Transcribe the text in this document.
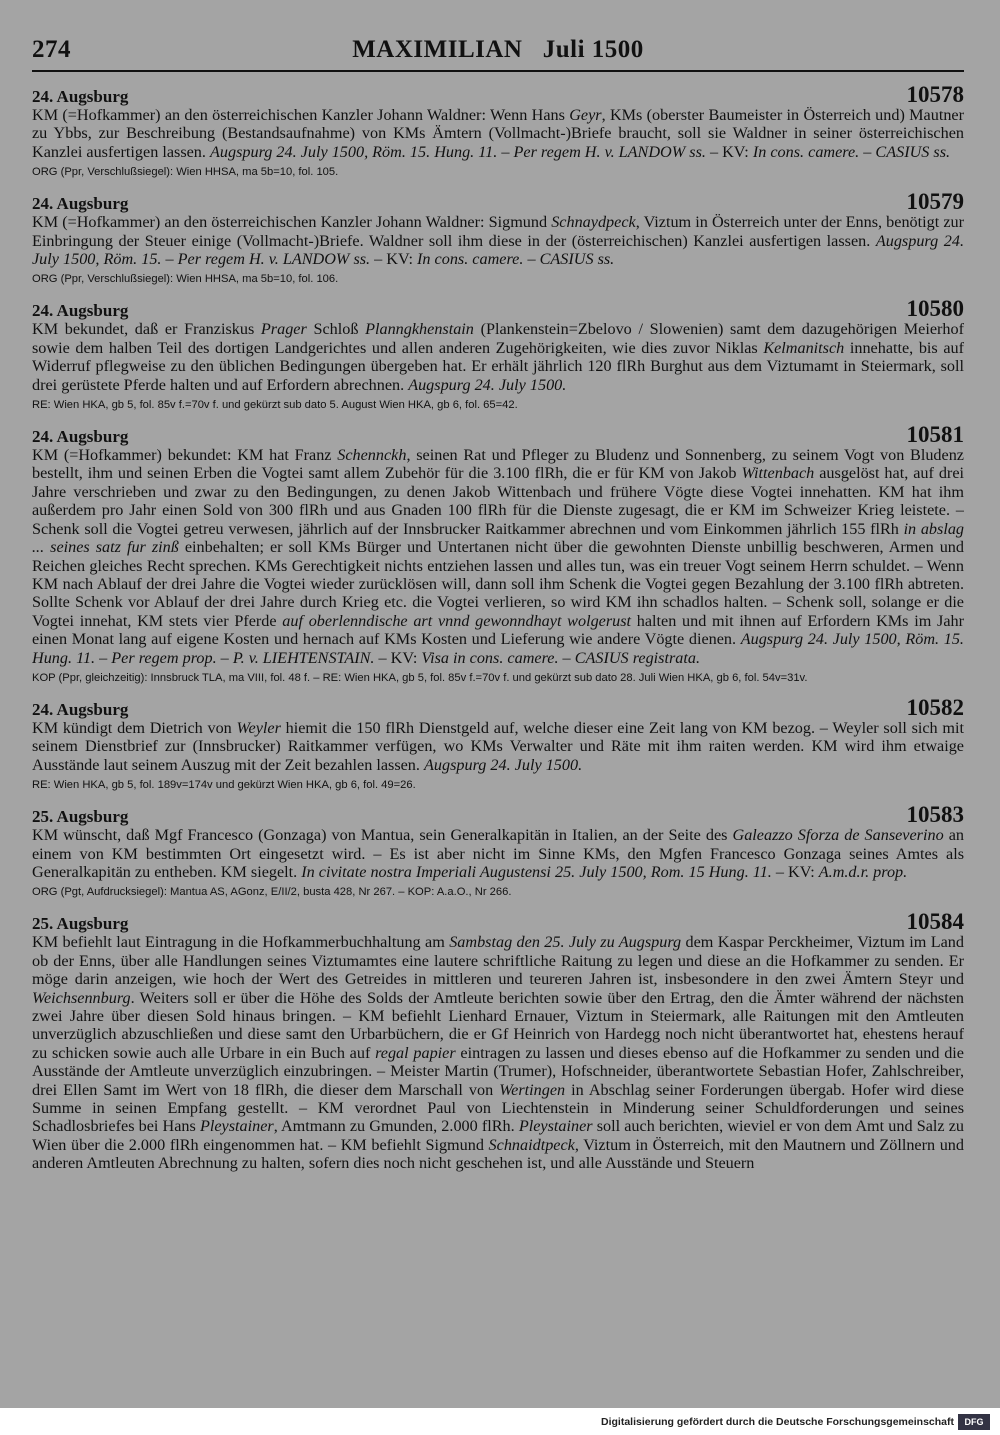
274	MAXIMILIAN   Juli 1500
24. Augsburg	10578

KM (=Hofkammer) an den österreichischen Kanzler Johann Waldner: Wenn Hans Geyr, KMs (oberster Baumeister in Österreich und) Mautner zu Ybbs, zur Beschreibung (Bestandsaufnahme) von KMs Ämtern (Vollmacht-)Briefe braucht, soll sie Waldner in seiner österreichischen Kanzlei ausfertigen lassen. Augspurg 24. July 1500, Röm. 15. Hung. 11. – Per regem H. v. LANDOW ss. – KV: In cons. camere. – CASIUS ss.

ORG (Ppr, Verschlußsiegel): Wien HHSA, ma 5b=10, fol. 105.
24. Augsburg	10579

KM (=Hofkammer) an den österreichischen Kanzler Johann Waldner: Sigmund Schnaydpeck, Viztum in Österreich unter der Enns, benötigt zur Einbringung der Steuer einige (Vollmacht-)Briefe. Waldner soll ihm diese in der (österreichischen) Kanzlei ausfertigen lassen. Augspurg 24. July 1500, Röm. 15. – Per regem H. v. LANDOW ss. – KV: In cons. camere. – CASIUS ss.

ORG (Ppr, Verschlußsiegel): Wien HHSA, ma 5b=10, fol. 106.
24. Augsburg	10580

KM bekundet, daß er Franziskus Prager Schloß Planngkhenstain (Plankenstein=Zbelovo / Slowenien) samt dem dazugehörigen Meierhof sowie dem halben Teil des dortigen Landgerichtes und allen anderen Zugehörigkeiten, wie dies zuvor Niklas Kelmanitsch innehatte, bis auf Widerruf pflegweise zu den üblichen Bedingungen übergeben hat. Er erhält jährlich 120 flRh Burghut aus dem Viztumamt in Steiermark, soll drei gerüstete Pferde halten und auf Erfordern abrechnen. Augspurg 24. July 1500.

RE: Wien HKA, gb 5, fol. 85v f.=70v f. und gekürzt sub dato 5. August Wien HKA, gb 6, fol. 65=42.
24. Augsburg	10581

KM (=Hofkammer) bekundet: KM hat Franz Schennckh, seinen Rat und Pfleger zu Bludenz und Sonnenberg, zu seinem Vogt von Bludenz bestellt, ihm und seinen Erben die Vogtei samt allem Zubehör für die 3.100 flRh, die er für KM von Jakob Wittenbach ausgelöst hat, auf drei Jahre verschrieben und zwar zu den Bedingungen, zu denen Jakob Wittenbach und frühere Vögte diese Vogtei innehatten. KM hat ihm außerdem pro Jahr einen Sold von 300 flRh und aus Gnaden 100 flRh für die Dienste zugesagt, die er KM im Schweizer Krieg leistete. – Schenk soll die Vogtei getreu verwesen, jährlich auf der Innsbrucker Raitkammer abrechnen und vom Einkommen jährlich 155 flRh in abslag ... seines satz fur zinß einbehalten; er soll KMs Bürger und Untertanen nicht über die gewohnten Dienste unbillig beschweren, Armen und Reichen gleiches Recht sprechen. KMs Gerechtigkeit nichts entziehen lassen und alles tun, was ein treuer Vogt seinem Herrn schuldet. – Wenn KM nach Ablauf der drei Jahre die Vogtei wieder zurücklösen will, dann soll ihm Schenk die Vogtei gegen Bezahlung der 3.100 flRh abtreten. Sollte Schenk vor Ablauf der drei Jahre durch Krieg etc. die Vogtei verlieren, so wird KM ihn schadlos halten. – Schenk soll, solange er die Vogtei innehat, KM stets vier Pferde auf oberlenndische art vnnd gewonndhayt wolgerust halten und mit ihnen auf Erfordern KMs im Jahr einen Monat lang auf eigene Kosten und hernach auf KMs Kosten und Lieferung wie andere Vögte dienen. Augspurg 24. July 1500, Röm. 15. Hung. 11. – Per regem prop. – P. v. LIEHTENSTAIN. – KV: Visa in cons. camere. – CASIUS registrata.

KOP (Ppr, gleichzeitig): Innsbruck TLA, ma VIII, fol. 48 f. – RE: Wien HKA, gb 5, fol. 85v f.=70v f. und gekürzt sub dato 28. Juli Wien HKA, gb 6, fol. 54v=31v.
24. Augsburg	10582

KM kündigt dem Dietrich von Weyler hiemit die 150 flRh Dienstgeld auf, welche dieser eine Zeit lang von KM bezog. – Weyler soll sich mit seinem Dienstbrief zur (Innsbrucker) Raitkammer verfügen, wo KMs Verwalter und Räte mit ihm raiten werden. KM wird ihm etwaige Ausstände laut seinem Auszug mit der Zeit bezahlen lassen. Augspurg 24. July 1500.

RE: Wien HKA, gb 5, fol. 189v=174v und gekürzt Wien HKA, gb 6, fol. 49=26.
25. Augsburg	10583

KM wünscht, daß Mgf Francesco (Gonzaga) von Mantua, sein Generalkapitän in Italien, an der Seite des Galeazzo Sforza de Sanseverino an einem von KM bestimmten Ort eingesetzt wird. – Es ist aber nicht im Sinne KMs, den Mgfen Francesco Gonzaga seines Amtes als Generalkapitän zu entheben. KM siegelt. In civitate nostra Imperiali Augustensi 25. July 1500, Rom. 15 Hung. 11. – KV: A.m.d.r. prop.

ORG (Pgt, Aufdrucksiegel): Mantua AS, AGonz, E/II/2, busta 428, Nr 267. – KOP: A.a.O., Nr 266.
25. Augsburg	10584

KM befiehlt laut Eintragung in die Hofkammerbuchhaltung am Sambstag den 25. July zu Augspurg dem Kaspar Perckheimer, Viztum im Land ob der Enns, über alle Handlungen seines Viztumamtes eine lautere schriftliche Raitung zu legen und diese an die Hofkammer zu senden. Er möge darin anzeigen, wie hoch der Wert des Getreides in mittleren und teureren Jahren ist, insbesondere in den zwei Ämtern Steyr und Weichsennburg. Weiters soll er über die Höhe des Solds der Amtleute berichten sowie über den Ertrag, den die Ämter während der nächsten zwei Jahre über diesen Sold hinaus bringen. – KM befiehlt Lienhard Ernauer, Viztum in Steiermark, alle Raitungen mit den Amtleuten unverzüglich abzuschließen und diese samt den Urbarbüchern, die er Gf Heinrich von Hardegg noch nicht überantwortet hat, ehestens herauf zu schicken sowie auch alle Urbare in ein Buch auf regal papier eintragen zu lassen und dieses ebenso auf die Hofkammer zu senden und die Ausstände der Amtleute unverzüglich einzubringen. – Meister Martin (Trumer), Hofschneider, überantwortete Sebastian Hofer, Zahlschreiber, drei Ellen Samt im Wert von 18 flRh, die dieser dem Marschall von Wertingen in Abschlag seiner Forderungen übergab. Hofer wird diese Summe in seinen Empfang gestellt. – KM verordnet Paul von Liechtenstein in Minderung seiner Schuldforderungen und seines Schadlosbriefes bei Hans Pleystainer, Amtmann zu Gmunden, 2.000 flRh. Pleystainer soll auch berichten, wieviel er von dem Amt und Salz zu Wien über die 2.000 flRh eingenommen hat. – KM befiehlt Sigmund Schnaidtpeck, Viztum in Österreich, mit den Mautnern und Zöllnern und anderen Amtleuten Abrechnung zu halten, sofern dies noch nicht geschehen ist, und alle Ausstände und Steuern

Digitalisierung gefördert durch die Deutsche Forschungsgemeinschaft	DFG
